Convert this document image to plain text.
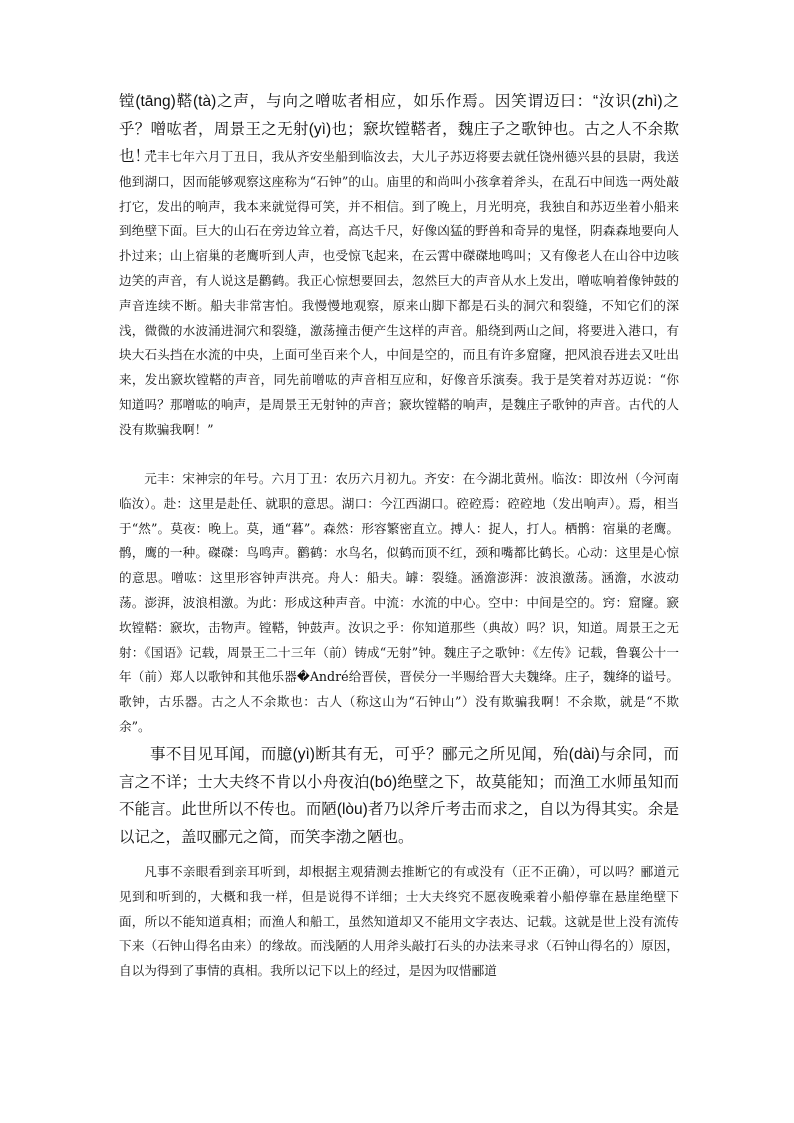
镗(tāng)鞳(tà)之声，与向之噌吰者相应，如乐作焉。因笑谓迈曰：“汝识(zhì)之乎？噌吰者，周景王之无射(yì)也；窾坎镗鞳者，魏庄子之歌钟也。古之人不余欺也！”

元丰七年六月丁丑日，我从齐安坐船到临汝去，大儿子苏迈将要去就任饶州德兴县的县尉，我送他到湖口，因而能够观察这座称为“石钟”的山。庙里的和尚叫小孩拿着斧头，在乱石中间选一两处敲打它，发出的响声，我本来就觉得可笑，并不相信。到了晚上，月光明亮，我独自和苏迈坐着小船来到绝壁下面。巨大的山石在旁边耸立着，高达千尺，好像凶猛的野兽和奇异的鬼怪，阴森森地要向人扑过来；山上宿巢的老鹰听到人声，也受惊飞起来，在云霄中磔磔地鸣叫；又有像老人在山谷中边咳边笑的声音，有人说这是鹳鹤。我正心惊想要回去，忽然巨大的声音从水上发出，噌吰响着像钟鼓的声音连续不断。船夫非常害怕。我慢慢地观察，原来山脚下都是石头的洞穴和裂缝，不知它们的深浅，微微的水波涌进洞穴和裂缝，激荡撞击便产生这样的声音。船绕到两山之间，将要进入港口，有块大石头挡在水流的中央，上面可坐百来个人，中间是空的，而且有许多窟窿，把风浪吞进去又吐出来，发出窾坎镗鞳的声音，同先前噌吰的声音相互应和，好像音乐演奏。我于是笑着对苏迈说：“你知道吗？那噌吰的响声，是周景王无射钟的声音；窾坎镗鞳的响声，是魏庄子歌钟的声音。古代的人没有欺骗我啊！”

元丰：宋神宗的年号。六月丁丑：农历六月初九。齐安：在今湖北黄州。临汝：即汝州（今河南临汝）。赴：这里是赴任、就职的意思。湖口：今江西湖口。硿硿焉：硿硿地（发出响声）。焉，相当于“然”。莫夜：晚上。莫，通“暮”。森然：形容繁密直立。搏人：捉人，打人。栖鹘：宿巢的老鹰。鹘，鹰的一种。磔磔：鸟鸣声。鹳鹤：水鸟名，似鹤而顶不红，颈和嘴都比鹤长。心动：这里是心惊的意思。噌吰：这里形容钟声洪亮。舟人：船夫。罅：裂缝。涵澹澎湃：波浪激荡。涵澹，水波动荡。澎湃，波浪相激。为此：形成这种声音。中流：水流的中心。空中：中间是空的。窍：窟窿。窾坎镗鞳：窾坎，击物声。镗鞳，钟鼓声。汝识之乎：你知道那些（典故）吗？识，知道。周景王之无射：《国语》记载，周景王二十三年（前）铸成“无射”钟。魏庄子之歌钟：《左传》记载，鲁襄公十一年（前）郑人以歌钟和其他乐器�André给晋侯，晋侯分一半赐给晋大夫魏绛。庄子，魏绛的谥号。歌钟，古乐器。古之人不余欺也：古人（称这山为“石钟山”）没有欺骗我啊！不余欺，就是“不欺余”。

事不目见耳闻，而臆(yì)断其有无，可乎？郦元之所见闻，殆(dài)与余同，而言之不详；士大夫终不肯以小舟夜泊(bó)绝壁之下，故莫能知；而渔工水师虽知而不能言。此世所以不传也。而陋(lòu)者乃以斧斤考击而求之，自以为得其实。余是以记之，盖叹郦元之简，而笑李渤之陋也。

凡事不亲眼看到亲耳听到，却根据主观猜测去推断它的有或没有（正不正确），可以吗？郦道元见到和听到的，大概和我一样，但是说得不详细；士大夫终究不愿夜晚乘着小船停靠在悬崖绝壁下面，所以不能知道真相；而渔人和船工，虽然知道却又不能用文字表达、记载。这就是世上没有流传下来（石钟山得名由来）的缘故。而浅陋的人用斧头敲打石头的办法来寻求（石钟山得名的）原因，自以为得到了事情的真相。我所以记下以上的经过，是因为叹惜郦道
